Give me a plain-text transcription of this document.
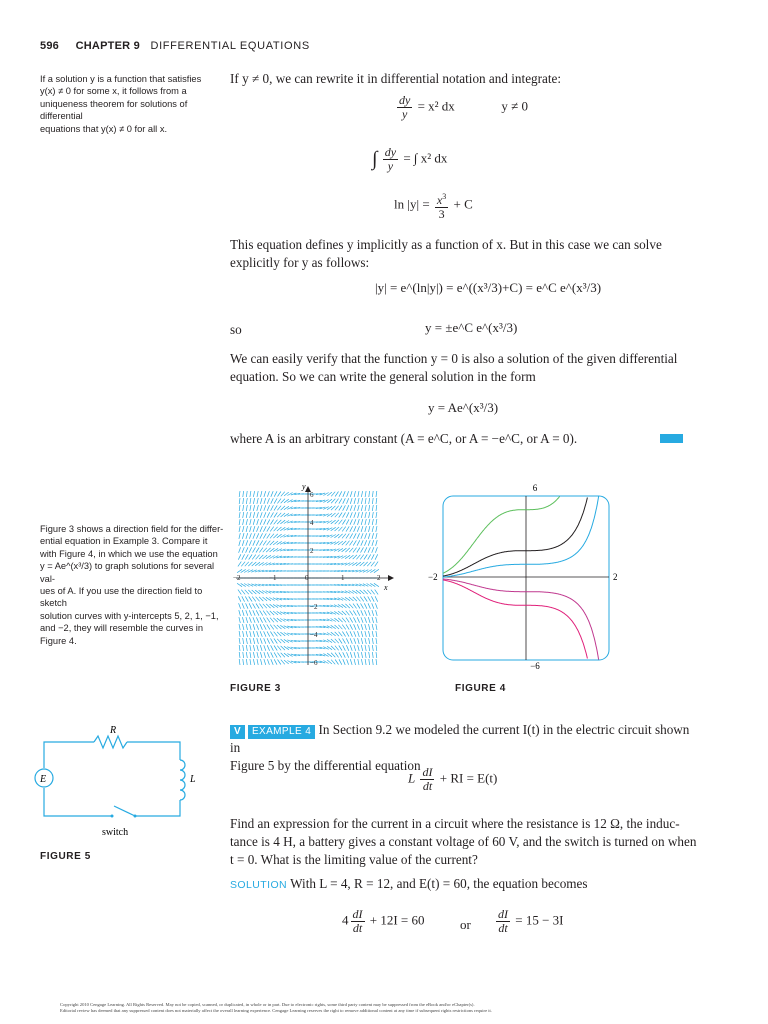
596 CHAPTER 9 DIFFERENTIAL EQUATIONS
If a solution y is a function that satisfies
y(x) ≠ 0 for some x, it follows from a
uniqueness theorem for solutions of differential
equations that y(x) ≠ 0 for all x.
If y ≠ 0, we can rewrite it in differential notation and integrate:
$\frac{dy}{y} = x^2$ dx	y ≠ 0
∫ $\frac{dy}{y}$ = ∫ x² dx
$\ln |y| = \frac{x^3}{3} + C$
This equation defines y implicitly as a function of x. But in this case we can solve
explicitly for y as follows:
|y| = e^(ln|y|) = e^((x³/3)+C) = e^C e^(x³/3)
so	y = ±e^C e^(x³/3)
We can easily verify that the function y = 0 is also a solution of the given differential
equation. So we can write the general solution in the form
y = Ae^(x³/3)
where A is an arbitrary constant (A = e^C, or A = −e^C, or A = 0).
Figure 3 shows a direction field for the differ-
ential equation in Example 3. Compare it
with Figure 4, in which we use the equation
y = Ae^(x³/3) to graph solutions for several val-
ues of A. If you use the direction field to sketch
solution curves with y-intercepts 5, 2, 1, −1,
and −2, they will resemble the curves in
Figure 4.
y
x
−2	−1	0	1	2
6
4
2
−2
−4
−6
6
−6
−2	2
FIGURE 3	FIGURE 4
R
L
E
switch
FIGURE 5
V EXAMPLE 4 In Section 9.2 we modeled the current I(t) in the electric circuit shown in
Figure 5 by the differential equation
L $\frac{dI}{dt}$ + RI = E(t)
Find an expression for the current in a circuit where the resistance is 12 Ω, the induc-
tance is 4 H, a battery gives a constant voltage of 60 V, and the switch is turned on when
t = 0. What is the limiting value of the current?
SOLUTION With L = 4, R = 12, and E(t) = 60, the equation becomes
$4 \frac{dI}{dt} + 12I = 60$	or $\frac{dI}{dt} = 15 - 3I$
Copyright 2010 Cengage Learning. All Rights Reserved. May not be copied, scanned, or duplicated, in whole or in part. Due to electronic rights, some third party content may be suppressed from the eBook and/or eChapter(s).
Editorial review has deemed that any suppressed content does not materially affect the overall learning experience. Cengage Learning reserves the right to remove additional content at any time if subsequent rights restrictions require it.
